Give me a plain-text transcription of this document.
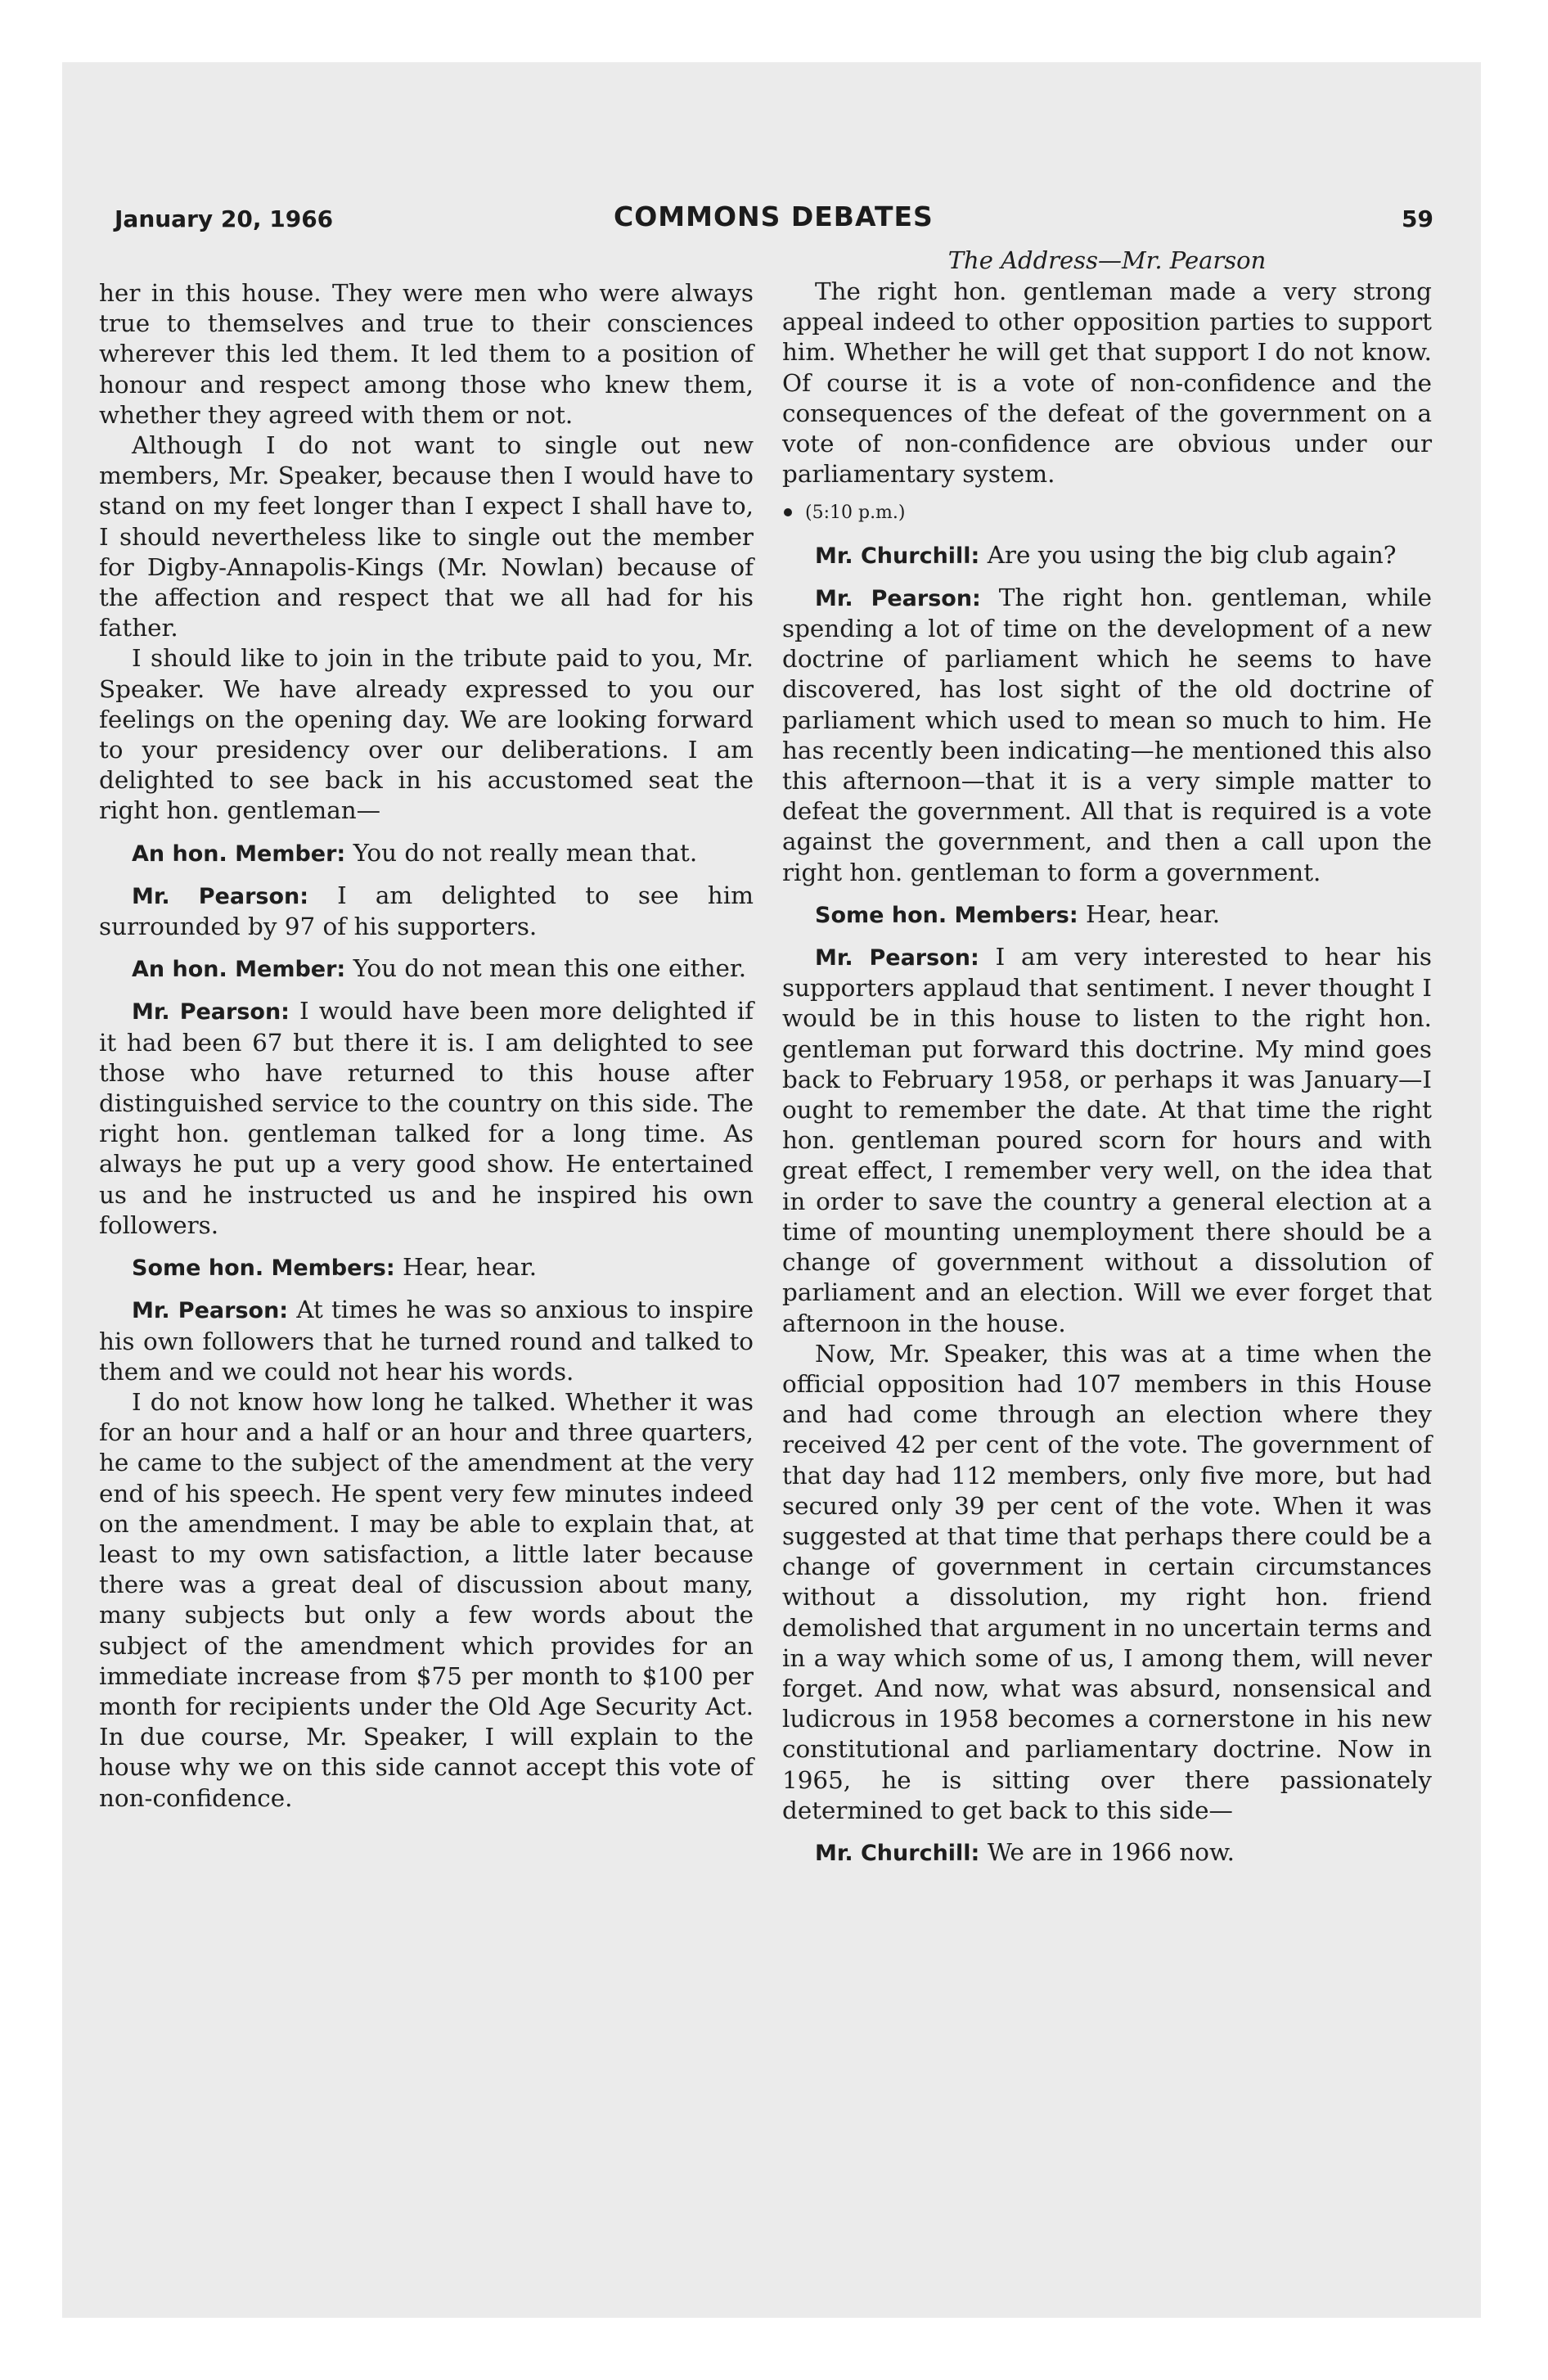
January 20, 1966	COMMONS DEBATES	59

her in this house. They were men who were always true to themselves and true to their consciences wherever this led them. It led them to a position of honour and respect among those who knew them, whether they agreed with them or not.

Although I do not want to single out new members, Mr. Speaker, because then I would have to stand on my feet longer than I expect I shall have to, I should nevertheless like to single out the member for Digby-Annapolis-Kings (Mr. Nowlan) because of the affection and respect that we all had for his father.

I should like to join in the tribute paid to you, Mr. Speaker. We have already expressed to you our feelings on the opening day. We are looking forward to your presidency over our deliberations. I am delighted to see back in his accustomed seat the right hon. gentleman—

An hon. Member: You do not really mean that.

Mr. Pearson: I am delighted to see him surrounded by 97 of his supporters.

An hon. Member: You do not mean this one either.

Mr. Pearson: I would have been more delighted if it had been 67 but there it is. I am delighted to see those who have returned to this house after distinguished service to the country on this side. The right hon. gentleman talked for a long time. As always he put up a very good show. He entertained us and he instructed us and he inspired his own followers.

Some hon. Members: Hear, hear.

Mr. Pearson: At times he was so anxious to inspire his own followers that he turned round and talked to them and we could not hear his words.

I do not know how long he talked. Whether it was for an hour and a half or an hour and three quarters, he came to the subject of the amendment at the very end of his speech. He spent very few minutes indeed on the amendment. I may be able to explain that, at least to my own satisfaction, a little later because there was a great deal of discussion about many, many subjects but only a few words about the subject of the amendment which provides for an immediate increase from $75 per month to $100 per month for recipients under the Old Age Security Act. In due course, Mr. Speaker, I will explain to the house why we on this side cannot accept this vote of non-confidence.

The Address—Mr. Pearson

The right hon. gentleman made a very strong appeal indeed to other opposition parties to support him. Whether he will get that support I do not know. Of course it is a vote of non-confidence and the consequences of the defeat of the government on a vote of non-confidence are obvious under our parliamentary system.

(5:10 p.m.)

Mr. Churchill: Are you using the big club again?

Mr. Pearson: The right hon. gentleman, while spending a lot of time on the development of a new doctrine of parliament which he seems to have discovered, has lost sight of the old doctrine of parliament which used to mean so much to him. He has recently been indicating—he mentioned this also this afternoon—that it is a very simple matter to defeat the government. All that is required is a vote against the government, and then a call upon the right hon. gentleman to form a government.

Some hon. Members: Hear, hear.

Mr. Pearson: I am very interested to hear his supporters applaud that sentiment. I never thought I would be in this house to listen to the right hon. gentleman put forward this doctrine. My mind goes back to February 1958, or perhaps it was January—I ought to remember the date. At that time the right hon. gentleman poured scorn for hours and with great effect, I remember very well, on the idea that in order to save the country a general election at a time of mounting unemployment there should be a change of government without a dissolution of parliament and an election. Will we ever forget that afternoon in the house.

Now, Mr. Speaker, this was at a time when the official opposition had 107 members in this House and had come through an election where they received 42 per cent of the vote. The government of that day had 112 members, only five more, but had secured only 39 per cent of the vote. When it was suggested at that time that perhaps there could be a change of government in certain circumstances without a dissolution, my right hon. friend demolished that argument in no uncertain terms and in a way which some of us, I among them, will never forget. And now, what was absurd, nonsensical and ludicrous in 1958 becomes a cornerstone in his new constitutional and parliamentary doctrine. Now in 1965, he is sitting over there passionately determined to get back to this side—

Mr. Churchill: We are in 1966 now.
